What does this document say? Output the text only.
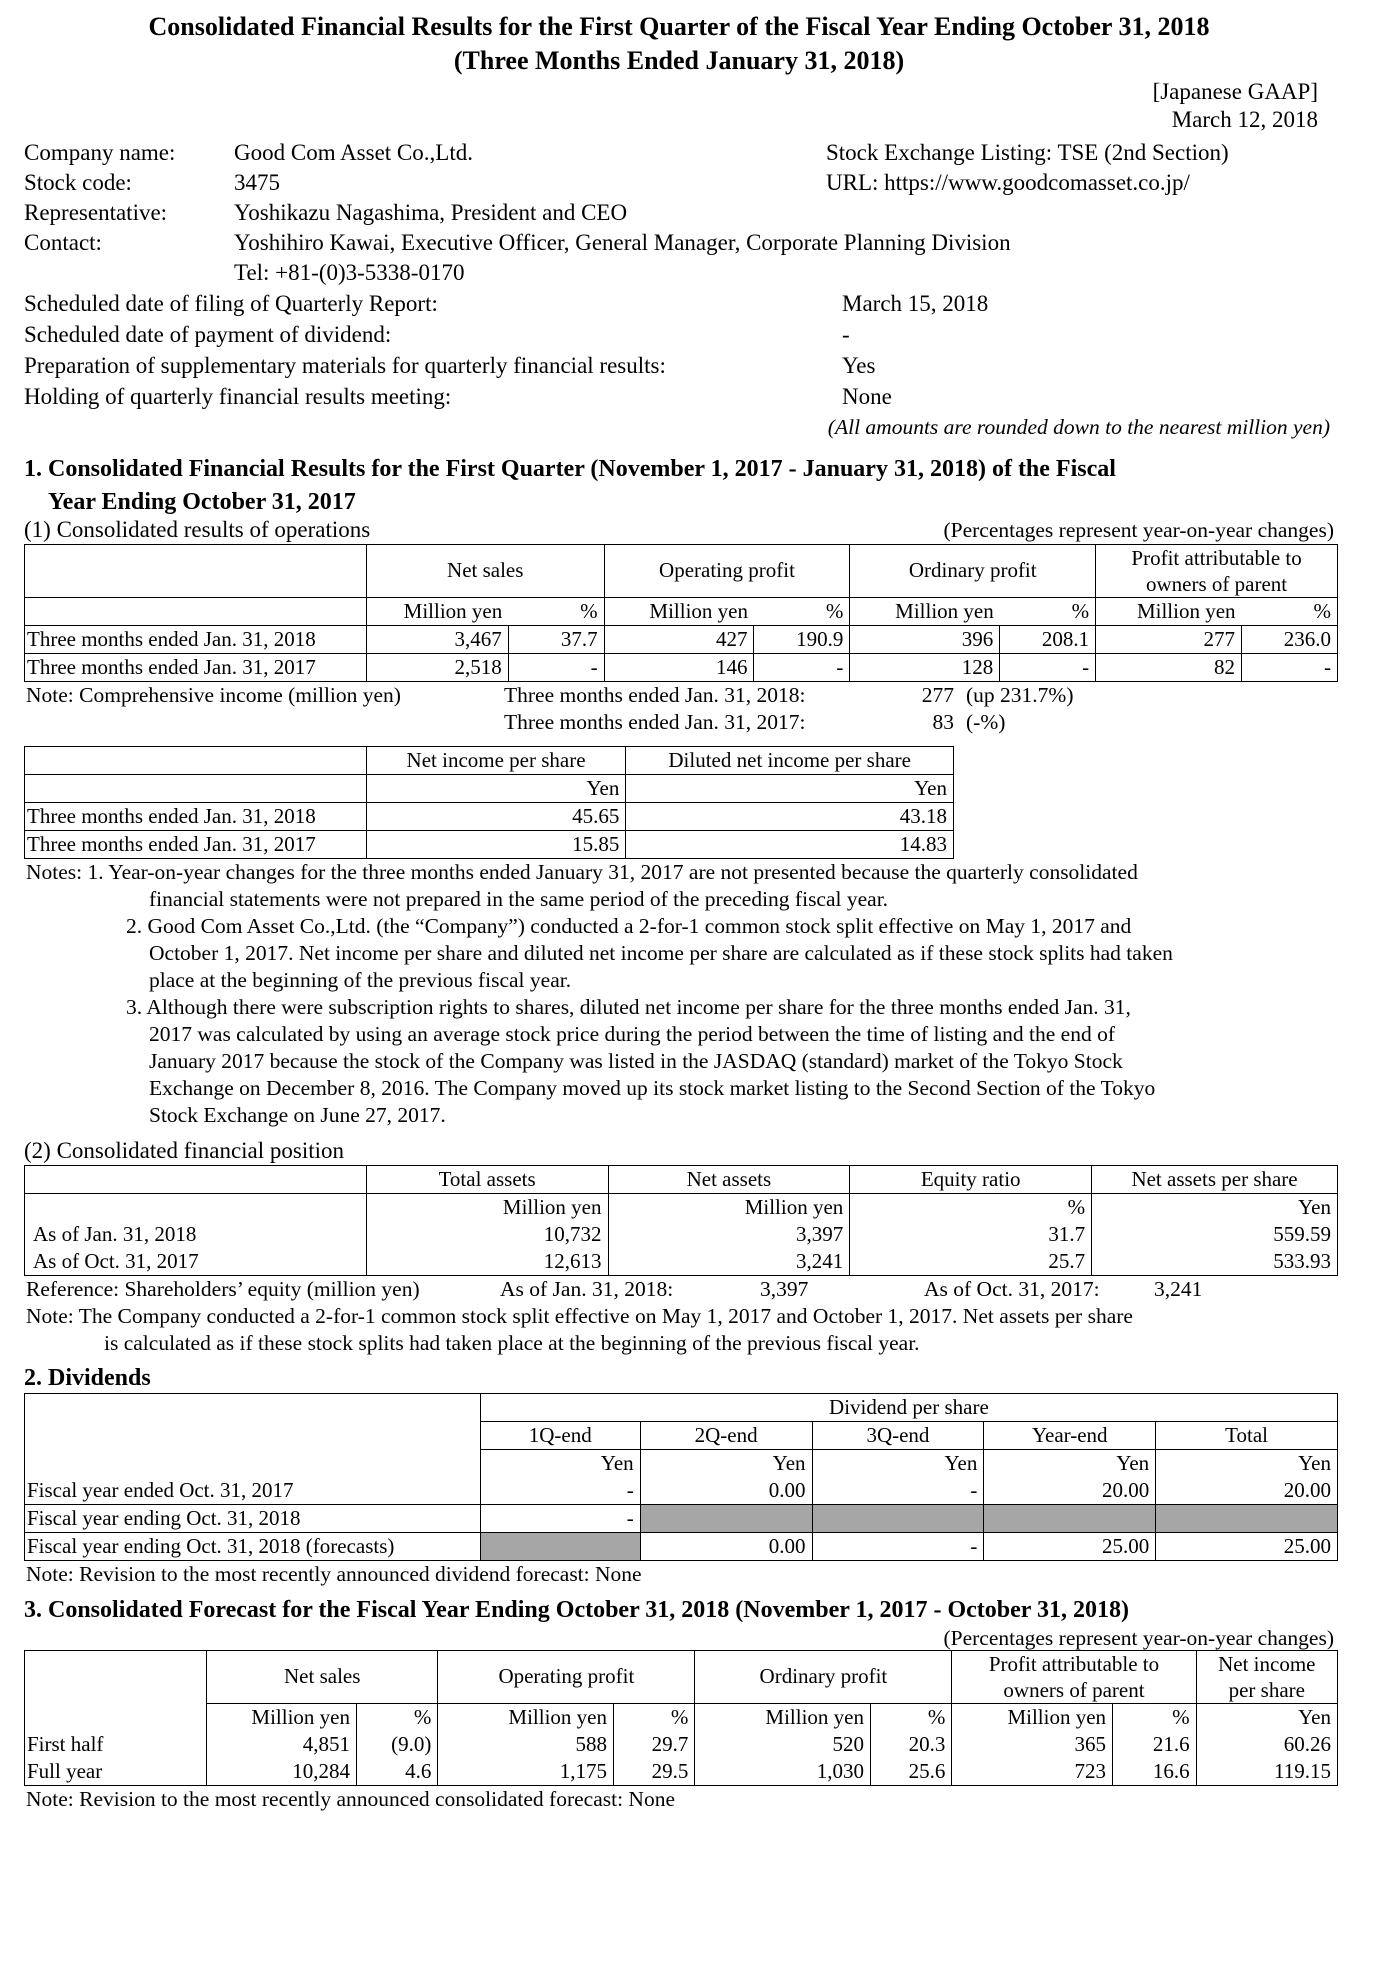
Consolidated Financial Results for the First Quarter of the Fiscal Year Ending October 31, 2018
(Three Months Ended January 31, 2018)
[Japanese GAAP]
March 12, 2018
Company name:	Good Com Asset Co.,Ltd.	Stock Exchange Listing: TSE (2nd Section)
Stock code:	3475	URL: https://www.goodcomasset.co.jp/
Representative:	Yoshikazu Nagashima, President and CEO
Contact:	Yoshihiro Kawai, Executive Officer, General Manager, Corporate Planning Division
Tel: +81-(0)3-5338-0170
Scheduled date of filing of Quarterly Report:	March 15, 2018
Scheduled date of payment of dividend:	-
Preparation of supplementary materials for quarterly financial results:	Yes
Holding of quarterly financial results meeting:	None
(All amounts are rounded down to the nearest million yen)
1. Consolidated Financial Results for the First Quarter (November 1, 2017 - January 31, 2018) of the Fiscal
Year Ending October 31, 2017
(1) Consolidated results of operations	(Percentages represent year-on-year changes)
	Net sales		Operating profit		Ordinary profit		Profit attributable to
owners of parent	
	Million yen	%	Million yen	%	Million yen	%	Million yen	%
Three months ended Jan. 31, 2018	3,467	37.7	427	190.9	396	208.1	277	236.0
Three months ended Jan. 31, 2017	2,518	-	146	-	128	-	82	-
Note: Comprehensive income (million yen)	Three months ended Jan. 31, 2018:	277 (up 231.7%)
Three months ended Jan. 31, 2017:	83 (-%)
	Net income per share	Diluted net income per share
	Yen	Yen
Three months ended Jan. 31, 2018	45.65	43.18
Three months ended Jan. 31, 2017	15.85	14.83
Notes: 1. Year-on-year changes for the three months ended January 31, 2017 are not presented because the quarterly consolidated
financial statements were not prepared in the same period of the preceding fiscal year.
2. Good Com Asset Co.,Ltd. (the “Company”) conducted a 2-for-1 common stock split effective on May 1, 2017 and
October 1, 2017. Net income per share and diluted net income per share are calculated as if these stock splits had taken
place at the beginning of the previous fiscal year.
3. Although there were subscription rights to shares, diluted net income per share for the three months ended Jan. 31,
2017 was calculated by using an average stock price during the period between the time of listing and the end of
January 2017 because the stock of the Company was listed in the JASDAQ (standard) market of the Tokyo Stock
Exchange on December 8, 2016. The Company moved up its stock market listing to the Second Section of the Tokyo
Stock Exchange on June 27, 2017.
(2) Consolidated financial position
	Total assets	Net assets	Equity ratio	Net assets per share
	Million yen	Million yen	%	Yen
As of Jan. 31, 2018	10,732	3,397	31.7	559.59
As of Oct. 31, 2017	12,613	3,241	25.7	533.93
Reference: Shareholders’ equity (million yen)	As of Jan. 31, 2018:	3,397	As of Oct. 31, 2017:	3,241
Note: The Company conducted a 2-for-1 common stock split effective on May 1, 2017 and October 1, 2017. Net assets per share
is calculated as if these stock splits had taken place at the beginning of the previous fiscal year.
2. Dividends
	Dividend per share				
	1Q-end	2Q-end	3Q-end	Year-end	Total
	Yen	Yen	Yen	Yen	Yen
Fiscal year ended Oct. 31, 2017	-	0.00	-	20.00	20.00
Fiscal year ending Oct. 31, 2018	-				
Fiscal year ending Oct. 31, 2018 (forecasts)		0.00	-	25.00	25.00
Note: Revision to the most recently announced dividend forecast: None
3. Consolidated Forecast for the Fiscal Year Ending October 31, 2018 (November 1, 2017 - October 31, 2018)
(Percentages represent year-on-year changes)
	Net sales		Operating profit		Ordinary profit		Profit attributable to
owners of parent		Net income
per share
	Million yen	%	Million yen	%	Million yen	%	Million yen	%	Yen
First half	4,851	(9.0)	588	29.7	520	20.3	365	21.6	60.26
Full year	10,284	4.6	1,175	29.5	1,030	25.6	723	16.6	119.15
Note: Revision to the most recently announced consolidated forecast: None
